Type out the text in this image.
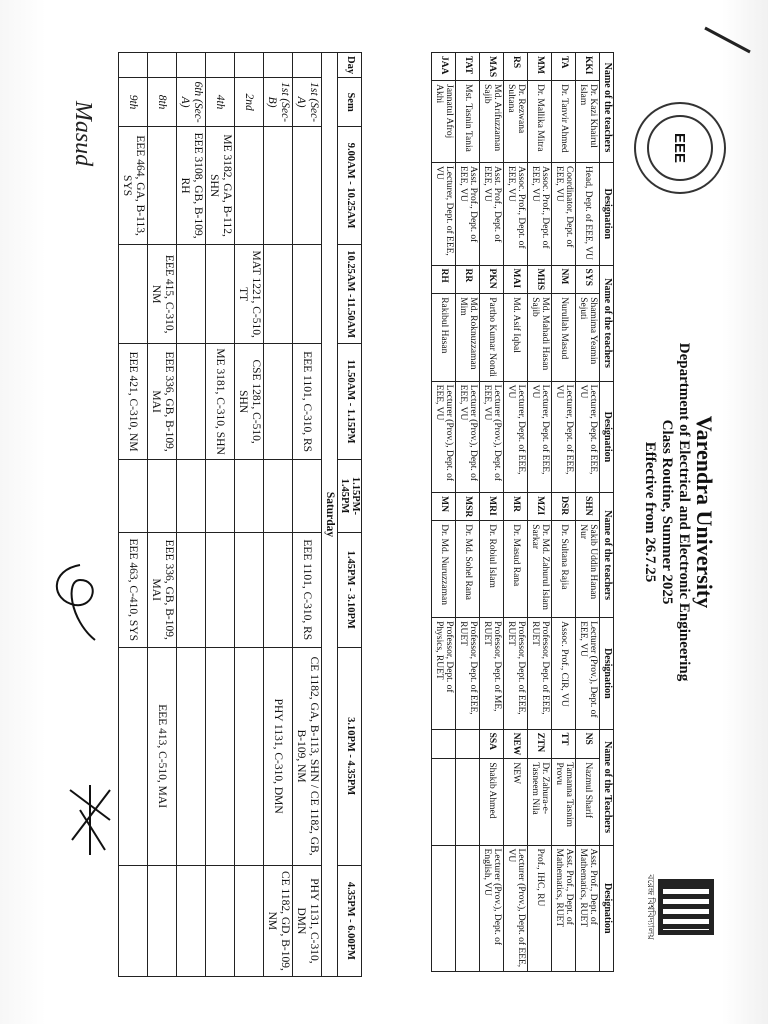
Masud	EEE
Varendra University
Department of Electrical and Electronic Engineering
Class Routine, Summer 2025
Effective from 26.7.25
বরেন্দ্র বিশ্ববিদ্যালয়
Name of the teachers		Designation	Name of the teachers		Designation	Name of the teachers		Designation	Name of the Teachers		Designation
KKI	Dr. Kazi Khairul Islam	Head, Dept. of EEE, VU	SYS	Shamima Yeamin Sejuti	Lecturer, Dept. of EEE, VU	SHN	Sakib Uddin Hanan Nur	Lecturer (Prov.), Dept. of EEE, VU	NS	Nazmul Sharif	Asst. Prof., Dept. of Mathematics, RUET
TA	Dr. Tanvir Ahmed	Coordinator, Dept. of EEE, VU	NM	Nurullah Masud	Lecturer, Dept. of EEE, VU	DSR	Dr. Sultana Rajia	Assoc. Prof., CIR, VU	TT	Tamanna Tasnim Provu	Asst. Prof., Dept. of Mathematics, RUET
MM	Dr. Mallika Mitra	Assoc. Prof., Dept. of EEE, VU	MHS	Md. Mahadi Hasan Sajib	Lecturer, Dept. of EEE, VU	MZI	Dr. Md. Zahurul Islam Sarkar	Professor, Dept. of EEE, RUET	ZTN	Dr. Zahura-e-Tasneem Nila	Prof., IHC, RU
RS	Dr. Rezwana Sultana	Assoc. Prof., Dept. of EEE, VU	MAI	Md. Asif Iqbal	Lecturer, Dept. of EEE, VU	MR	Dr. Masud Rana	Professor, Dept. of EEE, RUET	NEW	NEW	Lecturer (Prov.), Dept. of EEE, VU
MAS	Md. Arifuzzaman Sajib	Asst. Prof., Dept. of EEE, VU	PKN	Partho Kumar Nondi	Lecturer (Prov.), Dept. of EEE, VU	MRI	Dr. Robiul Islam	Professor, Dept. of ME, RUET	SSA	Shakib Ahmed	Lecturer (Prov.), Dept. of English, VU
TAT	Mst. Tasnin Tania	Asst. Prof., Dept. of EEE, VU	RR	Md. Roknuzzaman Mim	Lecturer (Prov.), Dept. of EEE, VU	MSR	Dr. Md. Sohel Rana	Professor, Dept. of EEE, RUET			
JAA	Jannatul Afroj Akhi	Lecturer, Dept. of EEE, VU	RH	Rakibul Hasan	Lecturer (Prov.), Dept. of EEE, VU	MN	Dr. Md. Nuruzzaman	Professor, Dept. of Physics, RUET			
Day	Sem	9.00AM - 10.25AM	10.25AM -11.50AM	11.50AM - 1.15PM	1.15PM-1.45PM	1.45PM - 3.10PM	3.10PM - 4.35PM	4.35PM - 6.00PM
Saturday								
	1st (Sec-A)			EEE 1101, C-310, RS		EEE 1101, C-310, RS	CE 1182, GA, B-113, SHN / CE 1182, GB, B-109, NM	PHY 1131, C-310, DMN
	1st (Sec-B)						PHY 1131, C-310, DMN	CE 1182, GD, B-109, NM
	2nd		MAT 1221, C-510, TT	CSE 1281, C-510, SHN				
	4th	ME 3182, GA, B-112, SHN		ME 3181, C-310, SHN				
	6th (Sec-A)	EEE 3108, GB, B-109, RH						
	8th		EEE 415, C-310, NM	EEE 336, GB, B-109, MAI		EEE 336, GB, B-109, MAI	EEE 413, C-510, MAI	
	9th	EEE 464, GA, B-113, SYS		EEE 421, C-310, NM		EEE 463, C-410, SYS		
